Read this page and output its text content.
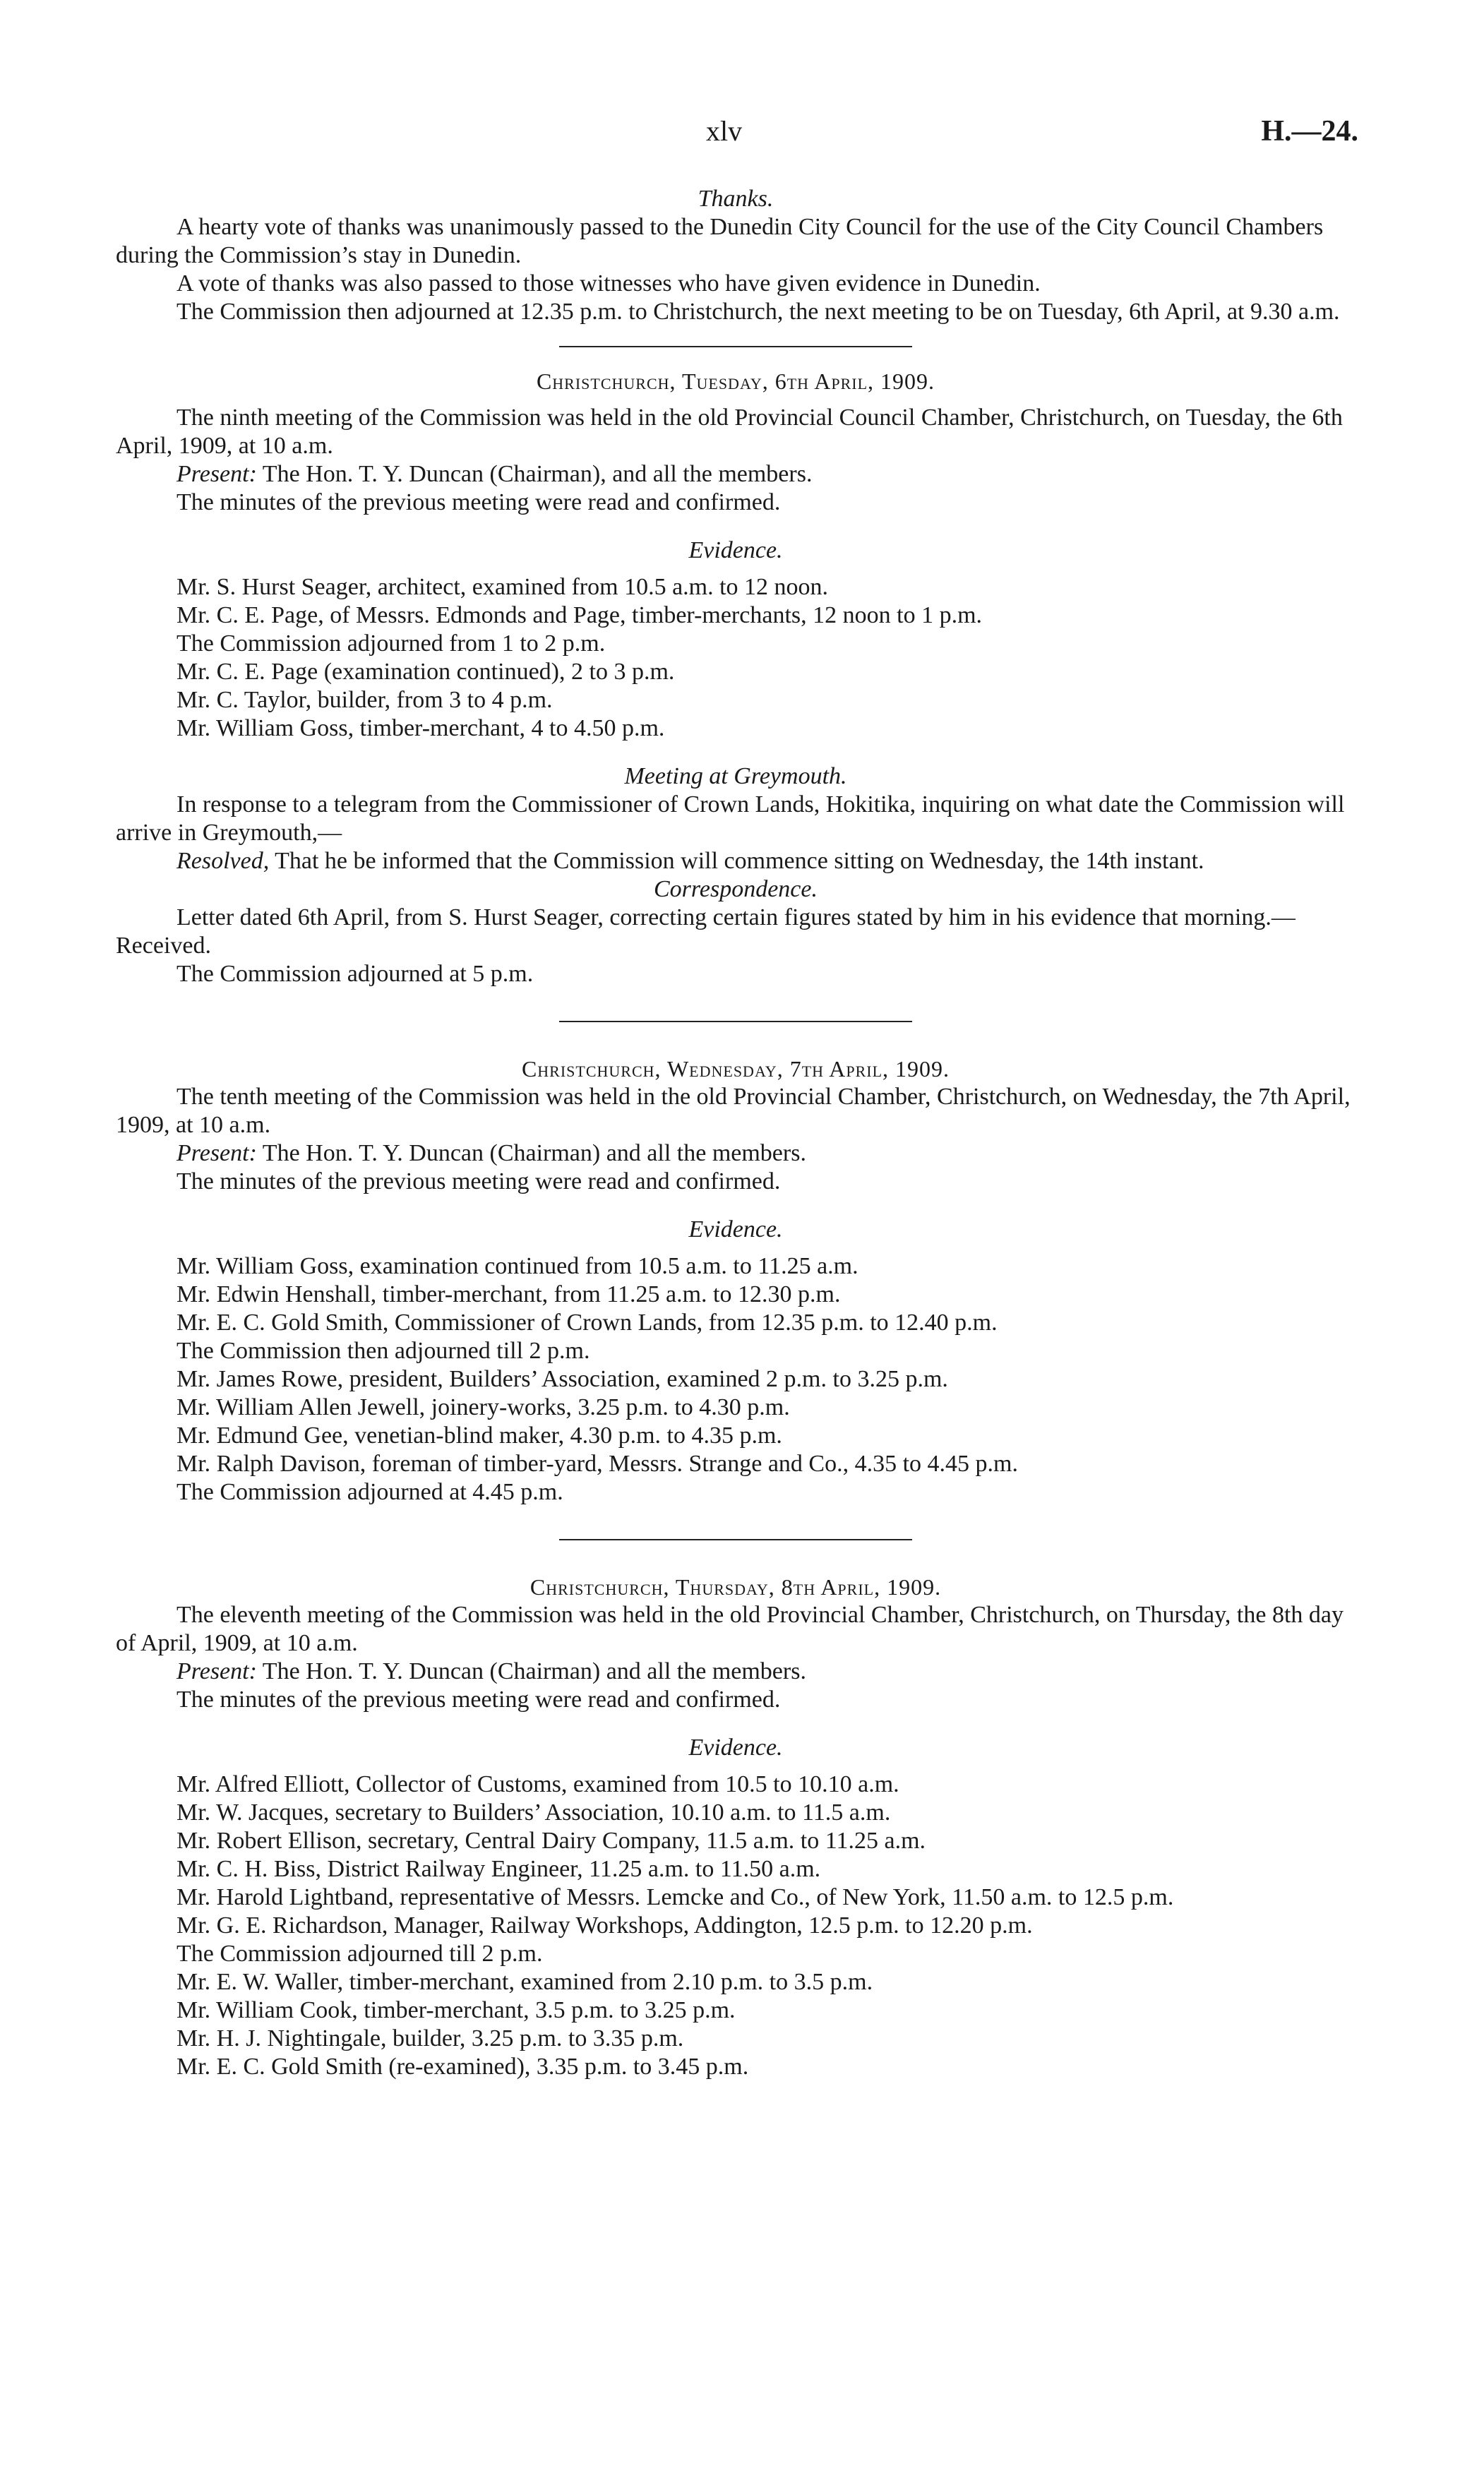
xlv	H.—24.

Thanks.

A hearty vote of thanks was unanimously passed to the Dunedin City Council for the use of the City Council Chambers during the Commission’s stay in Dunedin.

A vote of thanks was also passed to those witnesses who have given evidence in Dunedin.

The Commission then adjourned at 12.35 p.m. to Christchurch, the next meeting to be on Tuesday, 6th April, at 9.30 a.m.

Christchurch, Tuesday, 6th April, 1909.

The ninth meeting of the Commission was held in the old Provincial Council Chamber, Christchurch, on Tuesday, the 6th April, 1909, at 10 a.m.

Present: The Hon. T. Y. Duncan (Chairman), and all the members.

The minutes of the previous meeting were read and confirmed.

Evidence.

Mr. S. Hurst Seager, architect, examined from 10.5 a.m. to 12 noon.

Mr. C. E. Page, of Messrs. Edmonds and Page, timber-merchants, 12 noon to 1 p.m.

The Commission adjourned from 1 to 2 p.m.

Mr. C. E. Page (examination continued), 2 to 3 p.m.

Mr. C. Taylor, builder, from 3 to 4 p.m.

Mr. William Goss, timber-merchant, 4 to 4.50 p.m.

Meeting at Greymouth.

In response to a telegram from the Commissioner of Crown Lands, Hokitika, inquiring on what date the Commission will arrive in Greymouth,—

Resolved, That he be informed that the Commission will commence sitting on Wednesday, the 14th instant.

Correspondence.

Letter dated 6th April, from S. Hurst Seager, correcting certain figures stated by him in his evidence that morning.—Received.

The Commission adjourned at 5 p.m.

Christchurch, Wednesday, 7th April, 1909.

The tenth meeting of the Commission was held in the old Provincial Chamber, Christchurch, on Wednesday, the 7th April, 1909, at 10 a.m.

Present: The Hon. T. Y. Duncan (Chairman) and all the members.

The minutes of the previous meeting were read and confirmed.

Evidence.

Mr. William Goss, examination continued from 10.5 a.m. to 11.25 a.m.

Mr. Edwin Henshall, timber-merchant, from 11.25 a.m. to 12.30 p.m.

Mr. E. C. Gold Smith, Commissioner of Crown Lands, from 12.35 p.m. to 12.40 p.m.

The Commission then adjourned till 2 p.m.

Mr. James Rowe, president, Builders’ Association, examined 2 p.m. to 3.25 p.m.

Mr. William Allen Jewell, joinery-works, 3.25 p.m. to 4.30 p.m.

Mr. Edmund Gee, venetian-blind maker, 4.30 p.m. to 4.35 p.m.

Mr. Ralph Davison, foreman of timber-yard, Messrs. Strange and Co., 4.35 to 4.45 p.m.

The Commission adjourned at 4.45 p.m.

Christchurch, Thursday, 8th April, 1909.

The eleventh meeting of the Commission was held in the old Provincial Chamber, Christchurch, on Thursday, the 8th day of April, 1909, at 10 a.m.

Present: The Hon. T. Y. Duncan (Chairman) and all the members.

The minutes of the previous meeting were read and confirmed.

Evidence.

Mr. Alfred Elliott, Collector of Customs, examined from 10.5 to 10.10 a.m.

Mr. W. Jacques, secretary to Builders’ Association, 10.10 a.m. to 11.5 a.m.

Mr. Robert Ellison, secretary, Central Dairy Company, 11.5 a.m. to 11.25 a.m.

Mr. C. H. Biss, District Railway Engineer, 11.25 a.m. to 11.50 a.m.

Mr. Harold Lightband, representative of Messrs. Lemcke and Co., of New York, 11.50 a.m. to 12.5 p.m.

Mr. G. E. Richardson, Manager, Railway Workshops, Addington, 12.5 p.m. to 12.20 p.m.

The Commission adjourned till 2 p.m.

Mr. E. W. Waller, timber-merchant, examined from 2.10 p.m. to 3.5 p.m.

Mr. William Cook, timber-merchant, 3.5 p.m. to 3.25 p.m.

Mr. H. J. Nightingale, builder, 3.25 p.m. to 3.35 p.m.

Mr. E. C. Gold Smith (re-examined), 3.35 p.m. to 3.45 p.m.
